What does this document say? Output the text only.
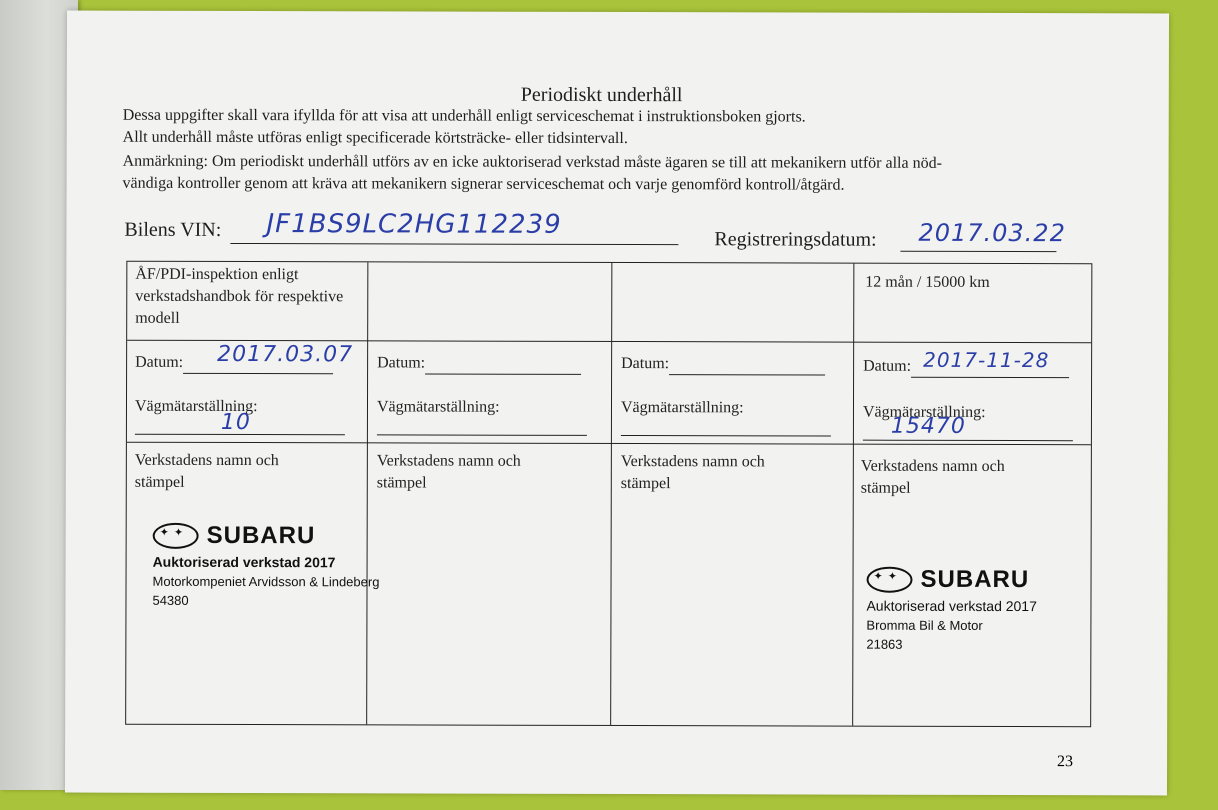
Periodiskt underhåll
Dessa uppgifter skall vara ifyllda för att visa att underhåll enligt serviceschemat i instruktionsboken gjorts.
Allt underhåll måste utföras enligt specificerade körtsträcke- eller tidsintervall.
Anmärkning: Om periodiskt underhåll utförs av en icke auktoriserad verkstad måste ägaren se till att mekanikern utför alla nöd-
vändiga kontroller genom att kräva att mekanikern signerar serviceschemat och varje genomförd kontroll/åtgärd.
Bilens VIN: JF1BS9LC2HG112239	Registreringsdatum: 2017.03.22
ÅF/PDI-inspektion enligt verkstadshandbok för respektive modell
Datum:	2017.03.07
Vägmätarställning:
10
Verkstadens namn och stämpel
✦ ✦
SUBARU
Auktoriserad verkstad 2017
Motorkompeniet Arvidsson & Lindeberg
54380
Datum:
Vägmätarställning:
Verkstadens namn och stämpel
Datum:
Vägmätarställning:
Verkstadens namn och stämpel
12 mån / 15000 km
Datum: 2017-11-28
Vägmätarställning:
15470
Verkstadens namn och stämpel
✦ ✦
SUBARU
Auktoriserad verkstad 2017
Bromma Bil & Motor
21863
23
